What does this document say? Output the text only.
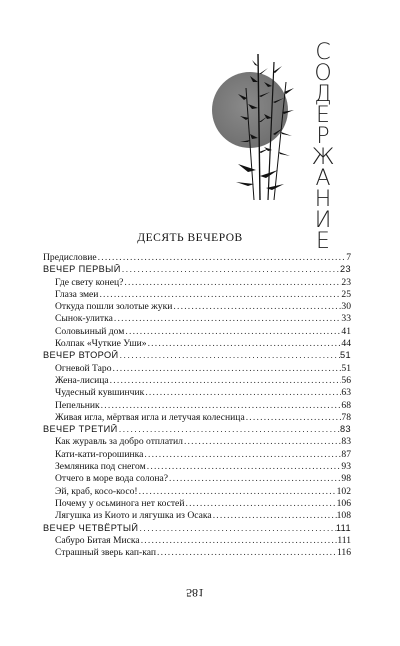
С
О
Д
Е
Р
Ж
А
Н
И
Е
ДЕСЯТЬ ВЕЧЕРОВ
Предисловие . . .	7
ВЕЧЕР ПЕРВЫЙ . . .	23
Где свету конец? . . .	23
Глаза змеи . . .	25
Откуда пошли золотые жуки . . .	30
Сынок-улитка . . .	33
Соловьиный дом . . .	41
Колпак «Чуткие Уши» . . .	44
ВЕЧЕР ВТОРОЙ . . .	51
Огневой Таро . . .	51
Жена-лисица . . .	56
Чудесный кувшинчик . . .	63
Пепельник . . .	68
Живая игла, мёртвая игла и летучая колесница . . .	78
ВЕЧЕР ТРЕТИЙ . . .	83
Как журавль за добро отплатил . . .	83
Кати-кати-горошинка . . .	87
Земляника под снегом . . .	93
Отчего в море вода солона? . . .	98
Эй, краб, косо-косо! . . .	102
Почему у осьминога нет костей . . .	106
Лягушка из Киото и лягушка из Осака . . .	108
ВЕЧЕР ЧЕТВЁРТЫЙ . . .	111
Сабуро Битая Миска . . .	111
Страшный зверь кап-кап . . .	116
581
